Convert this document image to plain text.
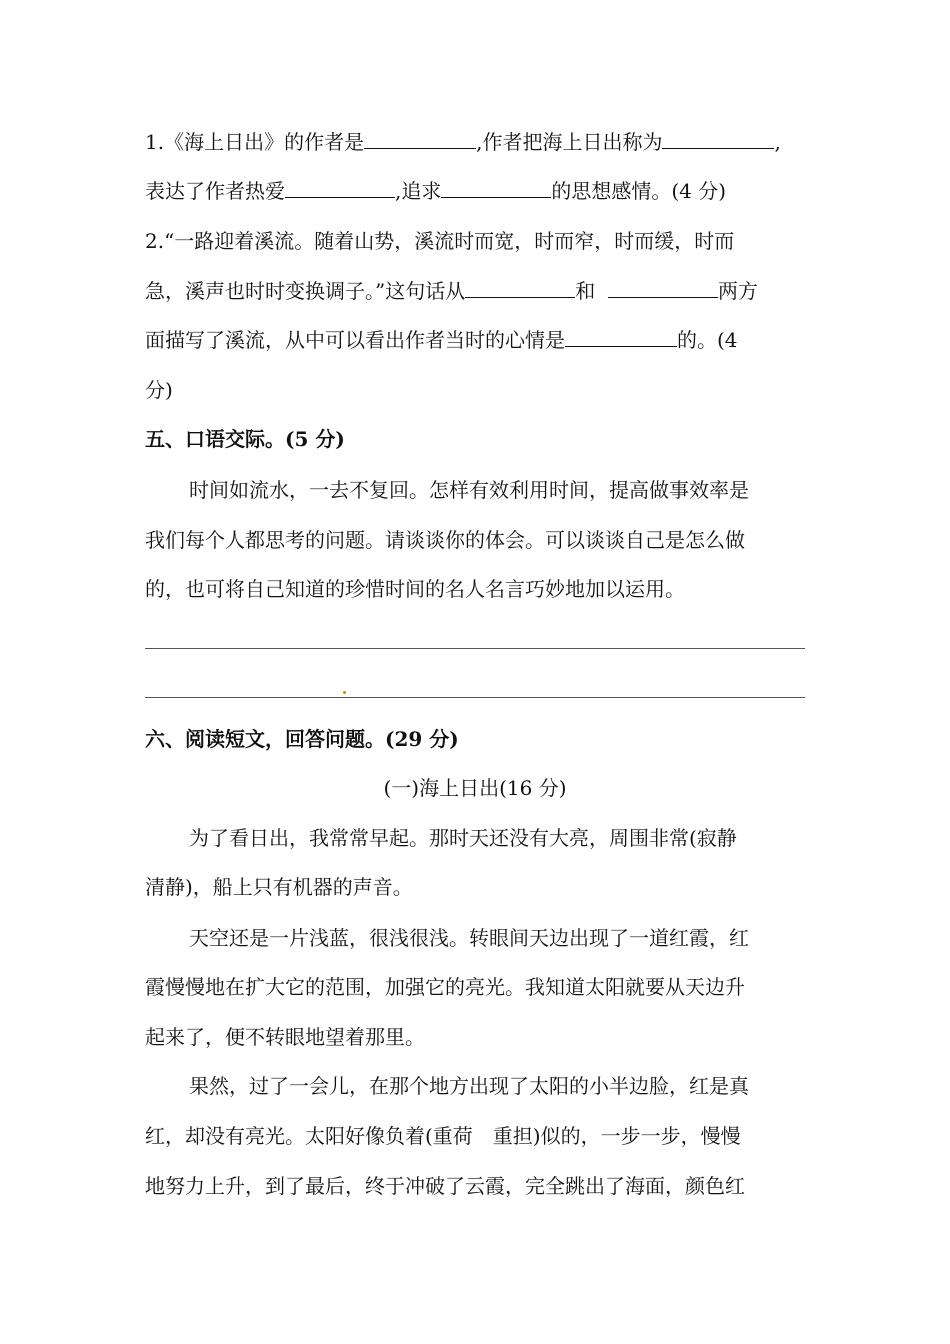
1.《海上日出》的作者是	,作者把海上日出称为	,
表达了作者热爱	,追求	的思想感情。(4 分)
2.“一路迎着溪流。随着山势，溪流时而宽，时而窄，时而缓，时而
急，溪声也时时变换调子。”这句话从	和	两方
面描写了溪流，从中可以看出作者当时的心情是	的。(4
分)
五、口语交际。(5 分)
时间如流水，一去不复回。怎样有效利用时间，提高做事效率是
我们每个人都思考的问题。请谈谈你的体会。可以谈谈自己是怎么做
的，也可将自己知道的珍惜时间的名人名言巧妙地加以运用。
六、阅读短文，回答问题。(29 分)
(一)海上日出(16 分)
为了看日出，我常常早起。那时天还没有大亮，周围非常(寂静
清静)，船上只有机器的声音。
天空还是一片浅蓝，很浅很浅。转眼间天边出现了一道红霞，红
霞慢慢地在扩大它的范围，加强它的亮光。我知道太阳就要从天边升
起来了，便不转眼地望着那里。
果然，过了一会儿，在那个地方出现了太阳的小半边脸，红是真
红，却没有亮光。太阳好像负着(重荷　重担)似的，一步一步，慢慢
地努力上升，到了最后，终于冲破了云霞，完全跳出了海面，颜色红
